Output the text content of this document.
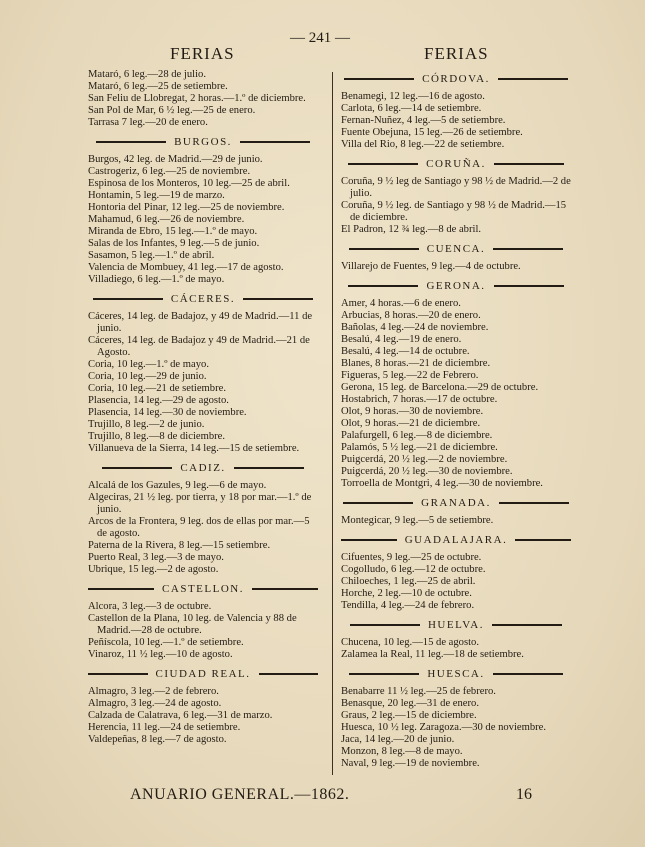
FERIAS
— 241 —
FERIAS

Mataró, 6 leg.—28 de julio.

Mataró, 6 leg.—25 de setiembre.

San Feliu de Llobregat, 2 horas.—1.º de diciembre.

San Pol de Mar, 6 ½ leg.—25 de enero.

Tarrasa 7 leg.—20 de enero.

BURGOS.

Burgos, 42 leg. de Madrid.—29 de junio.

Castrogeriz, 6 leg.—25 de noviembre.

Espinosa de los Monteros, 10 leg.—25 de abril.

Hontamin, 5 leg.—19 de marzo.

Hontoria del Pinar, 12 leg.—25 de noviembre.

Mahamud, 6 leg.—26 de noviembre.

Miranda de Ebro, 15 leg.—1.º de mayo.

Salas de los Infantes, 9 leg.—5 de junio.

Sasamon, 5 leg.—1.º de abril.

Valencia de Mombuey, 41 leg.—17 de agosto.

Villadiego, 6 leg.—1.º de mayo.

CÁCERES.

Cáceres, 14 leg. de Badajoz, y 49 de Madrid.—11 de junio.

Cáceres, 14 leg. de Badajoz y 49 de Madrid.—21 de Agosto.

Coria, 10 leg.—1.º de mayo.

Coria, 10 leg.—29 de junio.

Coria, 10 leg.—21 de setiembre.

Plasencia, 14 leg.—29 de agosto.

Plasencia, 14 leg.—30 de noviembre.

Trujillo, 8 leg.—2 de junio.

Trujillo, 8 leg.—8 de diciembre.

Villanueva de la Sierra, 14 leg.—15 de setiembre.

CADIZ.

Alcalá de los Gazules, 9 leg.—6 de mayo.

Algeciras, 21 ½ leg. por tierra, y 18 por mar.—1.º de junio.

Arcos de la Frontera, 9 leg. dos de ellas por mar.—5 de agosto.

Paterna de la Rivera, 8 leg.—15 setiembre.

Puerto Real, 3 leg.—3 de mayo.

Ubrique, 15 leg.—2 de agosto.

CASTELLON.

Alcora, 3 leg.—3 de octubre.

Castellon de la Plana, 10 leg. de Valencia y 88 de Madrid.—28 de octubre.

Peñíscola, 10 leg.—1.º de setiembre.

Vinaroz, 11 ½ leg.—10 de agosto.

CIUDAD REAL.

Almagro, 3 leg.—2 de febrero.

Almagro, 3 leg.—24 de agosto.

Calzada de Calatrava, 6 leg.—31 de marzo.

Herencia, 11 leg.—24 de setiembre.

Valdepeñas, 8 leg.—7 de agosto.

CÓRDOVA.

Benamegi, 12 leg.—16 de agosto.

Carlota, 6 leg.—14 de setiembre.

Fernan-Nuñez, 4 leg.—5 de setiembre.

Fuente Obejuna, 15 leg.—26 de setiembre.

Villa del Rio, 8 leg.—22 de setiembre.

CORUÑA.

Coruña, 9 ½ leg de Santiago y 98 ½ de Madrid.—2 de julio.

Coruña, 9 ½ leg. de Santiago y 98 ½ de Madrid.—15 de diciembre.

El Padron, 12 ¾ leg.—8 de abril.

CUENCA.

Villarejo de Fuentes, 9 leg.—4 de octubre.

GERONA.

Amer, 4 horas.—6 de enero.

Arbucias, 8 horas.—20 de enero.

Bañolas, 4 leg.—24 de noviembre.

Besalú, 4 leg.—19 de enero.

Besalú, 4 leg.—14 de octubre.

Blanes, 8 horas.—21 de diciembre.

Figueras, 5 leg.—22 de Febrero.

Gerona, 15 leg. de Barcelona.—29 de octubre.

Hostabrich, 7 horas.—17 de octubre.

Olot, 9 horas.—30 de noviembre.

Olot, 9 horas.—21 de diciembre.

Palafurgell, 6 leg.—8 de diciembre.

Palamós, 5 ½ leg.—21 de diciembre.

Puigcerdá, 20 ½ leg.—2 de noviembre.

Puigcerdá, 20 ½ leg.—30 de noviembre.

Torroella de Montgri, 4 leg.—30 de noviembre.

GRANADA.

Montegicar, 9 leg.—5 de setiembre.

GUADALAJARA.

Cifuentes, 9 leg.—25 de octubre.

Cogolludo, 6 leg.—12 de octubre.

Chiloeches, 1 leg.—25 de abril.

Horche, 2 leg.—10 de octubre.

Tendilla, 4 leg.—24 de febrero.

HUELVA.

Chucena, 10 leg.—15 de agosto.

Zalamea la Real, 11 leg.—18 de setiembre.

HUESCA.

Benabarre 11 ½ leg.—25 de febrero.

Benasque, 20 leg.—31 de enero.

Graus, 2 leg.—15 de diciembre.

Huesca, 10 ½ leg. Zaragoza.—30 de noviembre.

Jaca, 14 leg.—20 de junio.

Monzon, 8 leg.—8 de mayo.

Naval, 9 leg.—19 de noviembre.

ANUARIO GENERAL.—1862.	16
